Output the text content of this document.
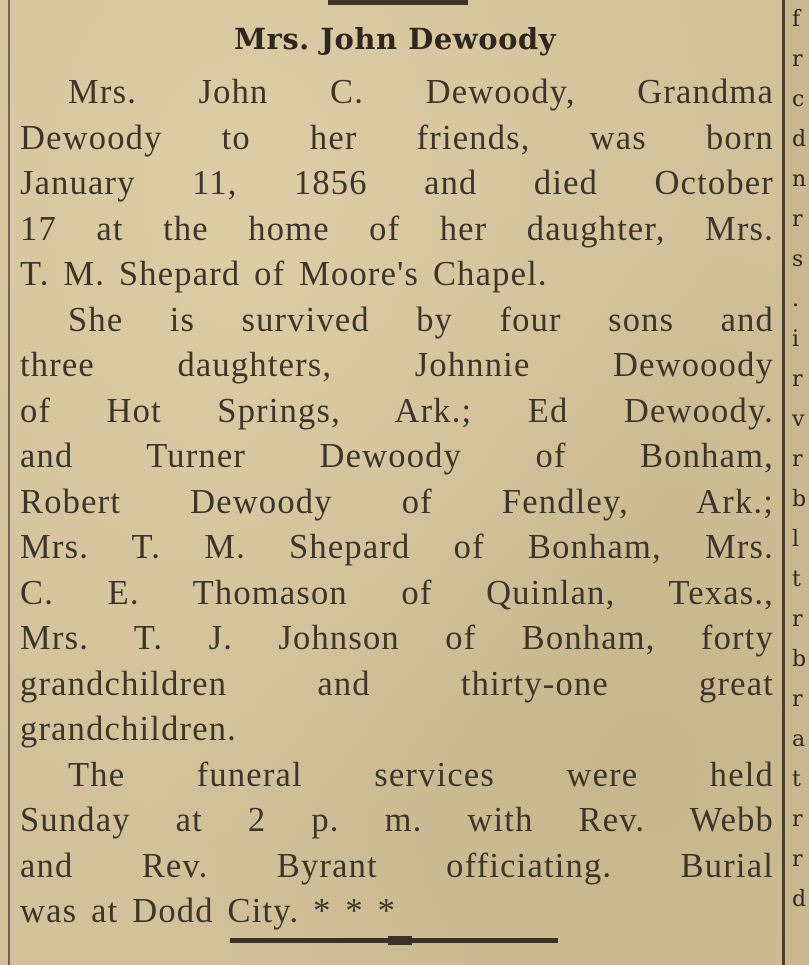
Mrs. John Dewoody

Mrs. John C. Dewoody, Grandma
Dewoody to her friends, was born
January 11, 1856 and died October
17 at the home of her daughter, Mrs.
T. M. Shepard of Moore's Chapel.

She is survived by four sons and
three daughters, Johnnie Dewooody
of Hot Springs, Ark.; Ed Dewoody.
and Turner Dewoody of Bonham,
Robert Dewoody of Fendley, Ark.;
Mrs. T. M. Shepard of Bonham, Mrs.
C. E. Thomason of Quinlan, Texas.,
Mrs. T. J. Johnson of Bonham, forty
grandchildren and thirty-one great
grandchildren.

The funeral services were held
Sunday at 2 p. m. with Rev. Webb
and Rev. Byrant officiating. Burial
was at Dodd City. * * *

f
r
c
d
n
r
s
.
i
r
v
r
b
l
t
r
b
r
a
t
r
r
d
